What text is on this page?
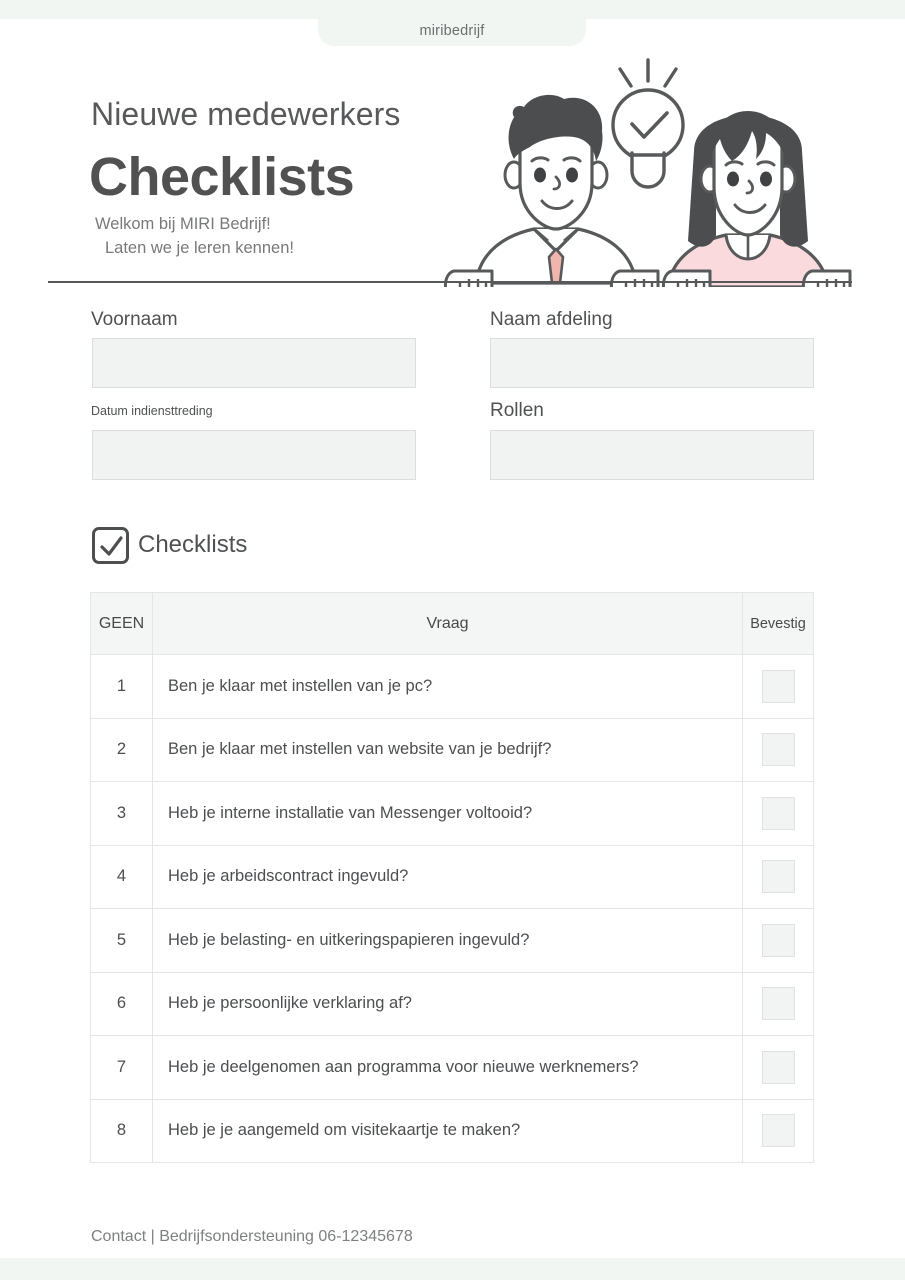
miribedrijf
Nieuwe medewerkers
Checklists
Welkom bij MIRI Bedrijf!
Laten we je leren kennen!
Voornaam	Naam afdeling
Datum indiensttreding	Rollen
Checklists
GEEN	Vraag	Bevestig
1	Ben je klaar met instellen van je pc?	
2	Ben je klaar met instellen van website van je bedrijf?	
3	Heb je interne installatie van Messenger voltooid?	
4	Heb je arbeidscontract ingevuld?	
5	Heb je belasting- en uitkeringspapieren ingevuld?	
6	Heb je persoonlijke verklaring af?	
7	Heb je deelgenomen aan programma voor nieuwe werknemers?	
8	Heb je je aangemeld om visitekaartje te maken?	
Contact | Bedrijfsondersteuning 06-12345678
